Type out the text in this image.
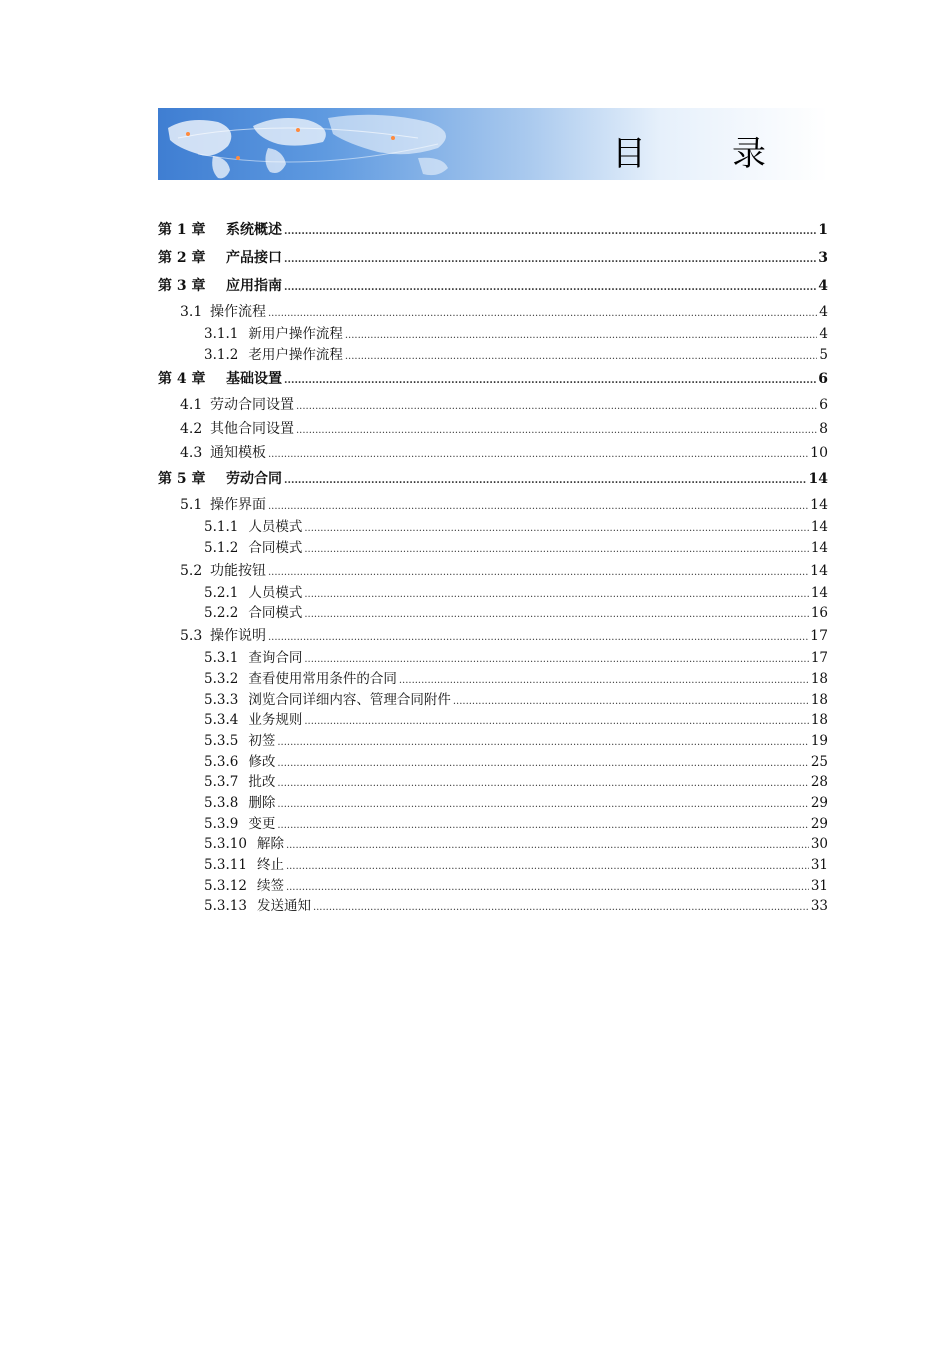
目　录
第 1 章	系统概述 .....	1
第 2 章	产品接口 .....	3
第 3 章	应用指南 .....	4
3.1 操作流程 .....	4
3.1.1 新用户操作流程 .....	4
3.1.2 老用户操作流程 .....	5
第 4 章	基础设置 .....	6
4.1 劳动合同设置 .....	6
4.2 其他合同设置 .....	8
4.3 通知模板 .....	10
第 5 章	劳动合同 .....	14
5.1 操作界面 .....	14
5.1.1 人员模式 .....	14
5.1.2 合同模式 .....	14
5.2 功能按钮 .....	14
5.2.1 人员模式 .....	14
5.2.2 合同模式 .....	16
5.3 操作说明 .....	17
5.3.1 查询合同 .....	17
5.3.2 查看使用常用条件的合同 .....	18
5.3.3 浏览合同详细内容、管理合同附件 .....	18
5.3.4 业务规则 .....	18
5.3.5 初签 .....	19
5.3.6 修改 .....	25
5.3.7 批改 .....	28
5.3.8 删除 .....	29
5.3.9 变更 .....	29
5.3.10 解除 .....	30
5.3.11 终止 .....	31
5.3.12 续签 .....	31
5.3.13 发送通知 .....	33
